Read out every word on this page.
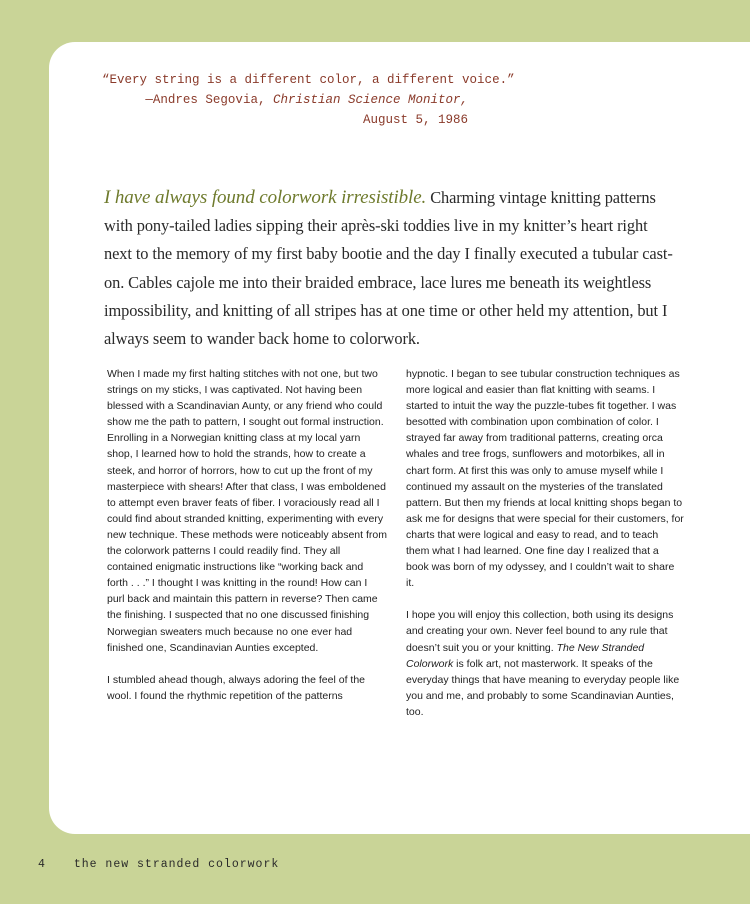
“Every string is a different color, a different voice.”
—Andres Segovia, Christian Science Monitor,
August 5, 1986
I have always found colorwork irresistible. Charming vintage knitting patterns with pony-tailed ladies sipping their après-ski toddies live in my knitter’s heart right next to the memory of my first baby bootie and the day I finally executed a tubular cast-on. Cables cajole me into their braided embrace, lace lures me beneath its weightless impossibility, and knitting of all stripes has at one time or other held my attention, but I always seem to wander back home to colorwork.

When I made my first halting stitches with not one, but two strings on my sticks, I was captivated. Not having been blessed with a Scandinavian Aunty, or any friend who could show me the path to pattern, I sought out formal instruction. Enrolling in a Norwegian knitting class at my local yarn shop, I learned how to hold the strands, how to create a steek, and horror of horrors, how to cut up the front of my masterpiece with shears! After that class, I was emboldened to attempt even braver feats of fiber. I voraciously read all I could find about stranded knitting, experimenting with every new technique. These methods were noticeably absent from the colorwork patterns I could readily find. They all contained enigmatic instructions like “working back and forth . . .” I thought I was knitting in the round! How can I purl back and maintain this pattern in reverse? Then came the finishing. I suspected that no one discussed finishing Norwegian sweaters much because no one ever had finished one, Scandinavian Aunties excepted.

I stumbled ahead though, always adoring the feel of the wool. I found the rhythmic repetition of the patterns

hypnotic. I began to see tubular construction techniques as more logical and easier than flat knitting with seams. I started to intuit the way the puzzle-tubes fit together. I was besotted with combination upon combination of color. I strayed far away from traditional patterns, creating orca whales and tree frogs, sunflowers and motorbikes, all in chart form. At first this was only to amuse myself while I continued my assault on the mysteries of the translated pattern. But then my friends at local knitting shops began to ask me for designs that were special for their customers, for charts that were logical and easy to read, and to teach them what I had learned. One fine day I realized that a book was born of my odyssey, and I couldn’t wait to share it.

I hope you will enjoy this collection, both using its designs and creating your own. Never feel bound to any rule that doesn’t suit you or your knitting. The New Stranded Colorwork is folk art, not masterwork. It speaks of the everyday things that have meaning to everyday people like you and me, and probably to some Scandinavian Aunties, too.

4	the new stranded colorwork
